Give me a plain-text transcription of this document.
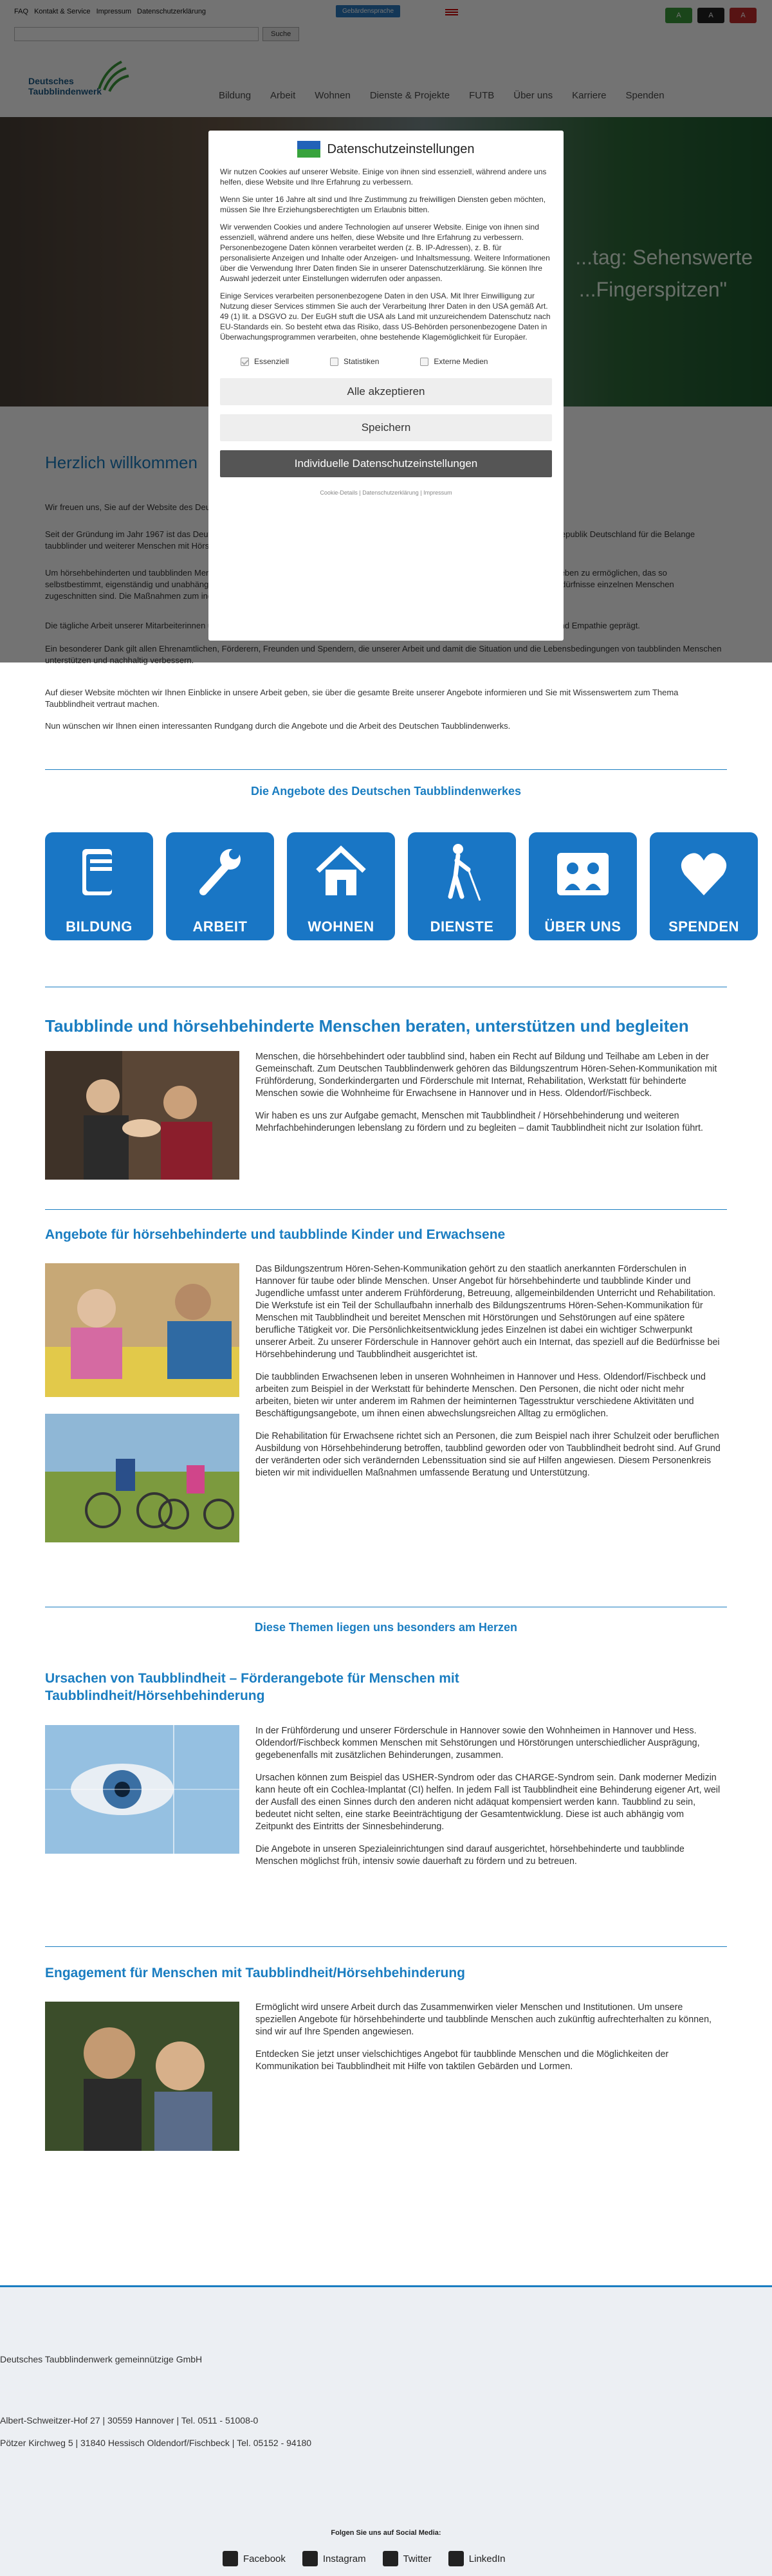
Auf dieser Website möchten wir Ihnen Einblicke in unsere Arbeit geben, sie über die gesamte Breite unserer Angebote informieren und Sie mit Wissenswertem zum Thema Taubblindheit vertraut machen.

Nun wünschen wir Ihnen einen interessanten Rundgang durch die Angebote und die Arbeit des Deutschen Taubblindenwerks.

Datenschutzeinstellungen

Wir nutzen Cookies auf unserer Website. Einige von ihnen sind essenziell, während andere uns helfen, diese Website und Ihre Erfahrung zu verbessern.

Wenn Sie unter 16 Jahre alt sind und Ihre Zustimmung zu freiwilligen Diensten geben möchten, müssen Sie Ihre Erziehungsberechtigten um Erlaubnis bitten.

Wir verwenden Cookies und andere Technologien auf unserer Website. Einige von ihnen sind essenziell, während andere uns helfen, diese Website und Ihre Erfahrung zu verbessern. Personenbezogene Daten können verarbeitet werden (z. B. IP-Adressen), z. B. für personalisierte Anzeigen und Inhalte oder Anzeigen- und Inhaltsmessung. Weitere Informationen über die Verwendung Ihrer Daten finden Sie in unserer Datenschutzerklärung. Sie können Ihre Auswahl jederzeit unter Einstellungen widerrufen oder anpassen.

Einige Services verarbeiten personenbezogene Daten in den USA. Mit Ihrer Einwilligung zur Nutzung dieser Services stimmen Sie auch der Verarbeitung Ihrer Daten in den USA gemäß Art. 49 (1) lit. a DSGVO zu. Der EuGH stuft die USA als Land mit unzureichendem Datenschutz nach EU-Standards ein. So besteht etwa das Risiko, dass US-Behörden personenbezogene Daten in Überwachungsprogrammen verarbeiten, ohne bestehende Klagemöglichkeit für Europäer.

Essenziell	Statistiken	Externe Medien
Alle akzeptieren
Speichern
Individuelle Datenschutzeinstellungen
Cookie-Details | Datenschutzerklärung | Impressum
Die Angebote des Deutschen Taubblindenwerkes
BILDUNG	ARBEIT	WOHNEN	DIENSTE	ÜBER UNS	SPENDEN
Taubblinde und hörsehbehinderte Menschen beraten, unterstützen und begleiten

Menschen, die hörsehbehindert oder taubblind sind, haben ein Recht auf Bildung und Teilhabe am Leben in der Gemeinschaft. Zum Deutschen Taubblindenwerk gehören das Bildungszentrum Hören-Sehen-Kommunikation mit Frühförderung, Sonderkindergarten und Förderschule mit Internat, Rehabilitation, Werkstatt für behinderte Menschen sowie die Wohnheime für Erwachsene in Hannover und in Hess. Oldendorf/Fischbeck.

Wir haben es uns zur Aufgabe gemacht, Menschen mit Taubblindheit / Hörsehbehinderung und weiteren Mehrfachbehinderungen lebenslang zu fördern und zu begleiten – damit Taubblindheit nicht zur Isolation führt.

Angebote für hörsehbehinderte und taubblinde Kinder und Erwachsene

Das Bildungszentrum Hören-Sehen-Kommunikation gehört zu den staatlich anerkannten Förderschulen in Hannover für taube oder blinde Menschen. Unser Angebot für hörsehbehinderte und taubblinde Kinder und Jugendliche umfasst unter anderem Frühförderung, Betreuung, allgemeinbildenden Unterricht und Rehabilitation. Die Werkstufe ist ein Teil der Schullaufbahn innerhalb des Bildungszentrums Hören-Sehen-Kommunikation für Menschen mit Taubblindheit und bereitet Menschen mit Hörstörungen und Sehstörungen auf eine spätere berufliche Tätigkeit vor. Die Persönlichkeitsentwicklung jedes Einzelnen ist dabei ein wichtiger Schwerpunkt unserer Arbeit. Zu unserer Förderschule in Hannover gehört auch ein Internat, das speziell auf die Bedürfnisse bei Hörsehbehinderung und Taubblindheit ausgerichtet ist.

Die taubblinden Erwachsenen leben in unseren Wohnheimen in Hannover und Hess. Oldendorf/Fischbeck und arbeiten zum Beispiel in der Werkstatt für behinderte Menschen. Den Personen, die nicht oder nicht mehr arbeiten, bieten wir unter anderem im Rahmen der heiminternen Tagesstruktur verschiedene Aktivitäten und Beschäftigungsangebote, um ihnen einen abwechslungsreichen Alltag zu ermöglichen.

Die Rehabilitation für Erwachsene richtet sich an Personen, die zum Beispiel nach ihrer Schulzeit oder beruflichen Ausbildung von Hörsehbehinderung betroffen, taubblind geworden oder von Taubblindheit bedroht sind. Auf Grund der veränderten oder sich verändernden Lebenssituation sind sie auf Hilfen angewiesen. Diesem Personenkreis bieten wir mit individuellen Maßnahmen umfassende Beratung und Unterstützung.

Diese Themen liegen uns besonders am Herzen
Ursachen von Taubblindheit – Förderangebote für Menschen mit Taubblindheit/Hörsehbehinderung

In der Frühförderung und unserer Förderschule in Hannover sowie den Wohnheimen in Hannover und Hess. Oldendorf/Fischbeck kommen Menschen mit Sehstörungen und Hörstörungen unterschiedlicher Ausprägung, gegebenenfalls mit zusätzlichen Behinderungen, zusammen.

Ursachen können zum Beispiel das USHER-Syndrom oder das CHARGE-Syndrom sein. Dank moderner Medizin kann heute oft ein Cochlea-Implantat (CI) helfen. In jedem Fall ist Taubblindheit eine Behinderung eigener Art, weil der Ausfall des einen Sinnes durch den anderen nicht adäquat kompensiert werden kann. Taubblind zu sein, bedeutet nicht selten, eine starke Beeinträchtigung der Gesamtentwicklung. Diese ist auch abhängig vom Zeitpunkt des Eintritts der Sinnesbehinderung.

Die Angebote in unseren Spezialeinrichtungen sind darauf ausgerichtet, hörsehbehinderte und taubblinde Menschen möglichst früh, intensiv sowie dauerhaft zu fördern und zu betreuen.

Engagement für Menschen mit Taubblindheit/Hörsehbehinderung

Ermöglicht wird unsere Arbeit durch das Zusammenwirken vieler Menschen und Institutionen. Um unsere speziellen Angebote für hörsehbehinderte und taubblinde Menschen auch zukünftig aufrechterhalten zu können, sind wir auf Ihre Spenden angewiesen.

Entdecken Sie jetzt unser vielschichtiges Angebot für taubblinde Menschen und die Möglichkeiten der Kommunikation bei Taubblindheit mit Hilfe von taktilen Gebärden und Lormen.

Deutsches Taubblindenwerk gemeinnützige GmbH
Albert-Schweitzer-Hof 27 | 30559 Hannover | Tel. 0511 - 51008-0
Pötzer Kirchweg 5 | 31840 Hessisch Oldendorf/Fischbeck | Tel. 05152 - 94180
Folgen Sie uns auf Social Media:
Facebook	Instagram	Twitter	LinkedIn
